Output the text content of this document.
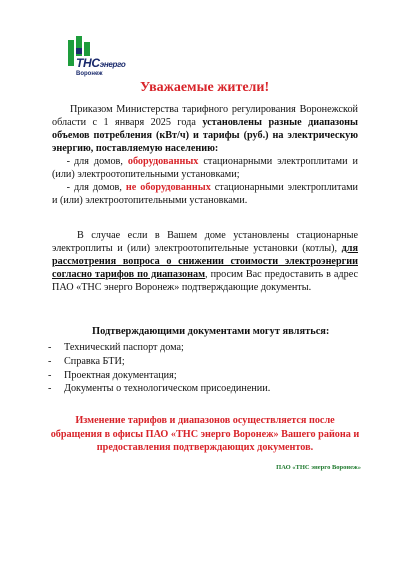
ТНСэнерго
Воронеж
Уважаемые жители!
Приказом Министерства тарифного регулирования Воронежской области с 1 января 2025 года установлены разные диапазоны объемов потребления (кВт/ч) и тарифы (руб.) на электрическую энергию, поставляемую населению:
- для домов, оборудованных стационарными электроплитами и (или) электроотопительными установками;
- для домов, не оборудованных стационарными электроплитами и (или) электроотопительными установками.
В случае если в Вашем доме установлены стационарные электроплиты и (или) электроотопительные установки (котлы), для рассмотрения вопроса о снижении стоимости электроэнергии согласно тарифов по диапазонам, просим Вас предоставить в адрес ПАО «ТНС энерго Воронеж» подтверждающие документы.
Подтверждающими документами могут являться:
- Технический паспорт дома;
- Справка БТИ;
- Проектная документация;
- Документы о технологическом присоединении.
Изменение тарифов и диапазонов осуществляется после обращения в офисы ПАО «ТНС энерго Воронеж» Вашего района и предоставления подтверждающих документов.
ПАО «ТНС энерго Воронеж»
